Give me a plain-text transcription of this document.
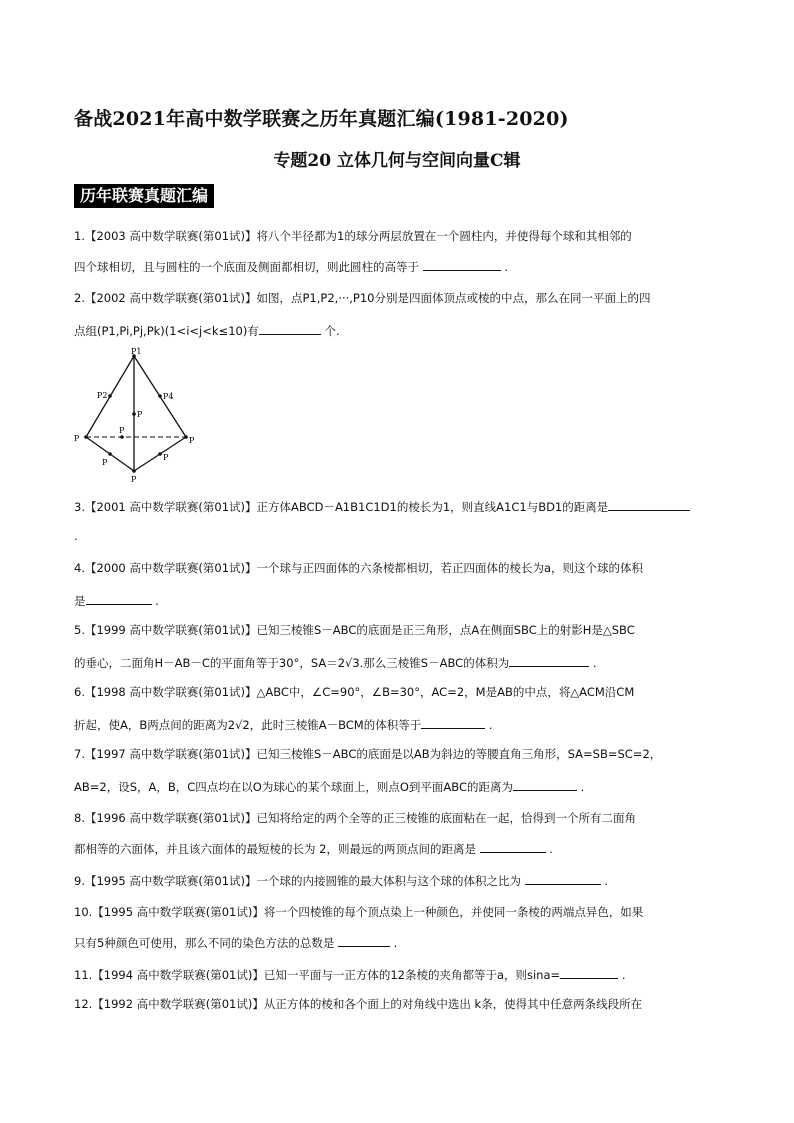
备战2021年高中数学联赛之历年真题汇编(1981-2020)
专题20 立体几何与空间向量C辑
历年联赛真题汇编
1.【2003 高中数学联赛(第01试)】将八个半径都为1的球分两层放置在一个圆柱内，并使得每个球和其相邻的
四个球相切，且与圆柱的一个底面及侧面都相切，则此圆柱的高等于	.
2.【2002 高中数学联赛(第01试)】如图，点P1,P2,···,P10分别是四面体顶点或棱的中点，那么在同一平面上的四
点组(P1,Pi,Pj,Pk)(1<i<j<k≤10)有	个.
P1
P2	P4
P
P	P
P
P
P
P
3.【2001 高中数学联赛(第01试)】正方体ABCD－A1B1C1D1的棱长为1，则直线A1C1与BD1的距离是
.
4.【2000 高中数学联赛(第01试)】一个球与正四面体的六条棱都相切，若正四面体的棱长为a，则这个球的体积
是	.
5.【1999 高中数学联赛(第01试)】已知三棱锥S－ABC的底面是正三角形，点A在侧面SBC上的射影H是△SBC
的垂心，二面角H－AB－C的平面角等于30°，SA＝2√3.那么三棱锥S－ABC的体积为	.
6.【1998 高中数学联赛(第01试)】△ABC中，∠C=90°，∠B=30°，AC=2，M是AB的中点，将△ACM沿CM
折起，使A，B两点间的距离为2√2，此时三棱锥A－BCM的体积等于	.
7.【1997 高中数学联赛(第01试)】已知三棱锥S－ABC的底面是以AB为斜边的等腰直角三角形，SA=SB=SC=2，
AB=2，设S，A，B，C四点均在以O为球心的某个球面上，则点O到平面ABC的距离为	.
8.【1996 高中数学联赛(第01试)】已知将给定的两个全等的正三棱锥的底面粘在一起，恰得到一个所有二面角
都相等的六面体，并且该六面体的最短棱的长为 2，则最远的两顶点间的距离是	.
9.【1995 高中数学联赛(第01试)】一个球的内接圆锥的最大体积与这个球的体积之比为	.
10.【1995 高中数学联赛(第01试)】将一个四棱锥的每个顶点染上一种颜色，并使同一条棱的两端点异色，如果
只有5种颜色可使用，那么不同的染色方法的总数是	.
11.【1994 高中数学联赛(第01试)】已知一平面与一正方体的12条棱的夹角都等于a，则sina=	.
12.【1992 高中数学联赛(第01试)】从正方体的棱和各个面上的对角线中选出 k条，使得其中任意两条线段所在
